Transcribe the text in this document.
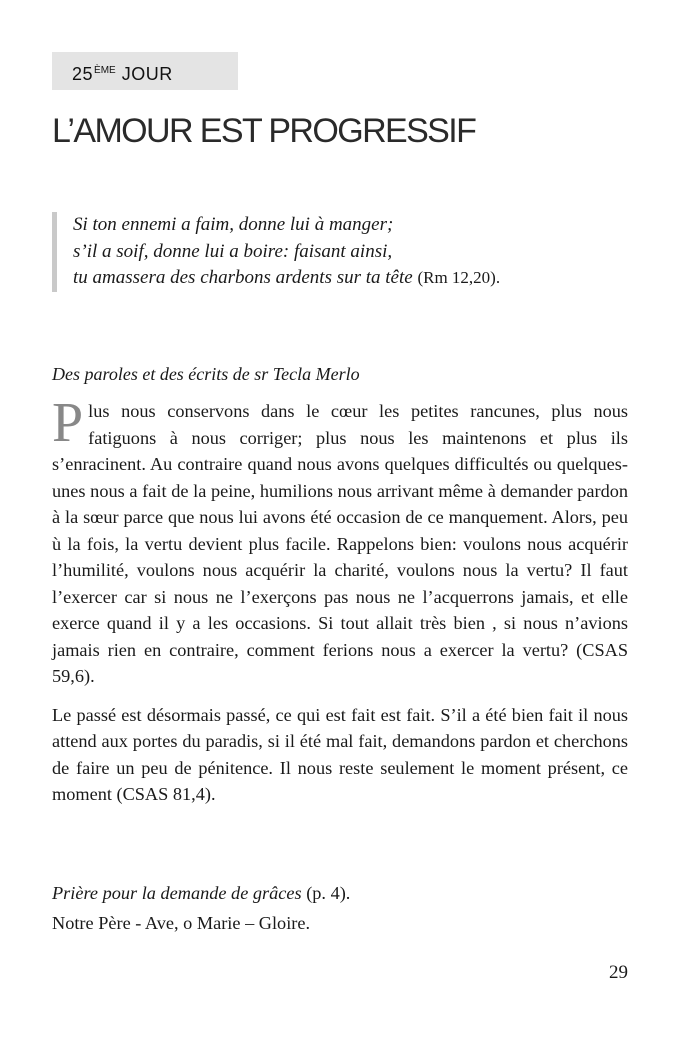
25ÈME JOUR
L’AMOUR EST PROGRESSIF
Si ton ennemi a faim, donne lui à manger;
s’il a soif, donne lui a boire: faisant ainsi,
tu amassera des charbons ardents sur ta tête (Rm 12,20).

Des paroles et des écrits de sr Tecla Merlo

Plus nous conservons dans le cœur les petites rancunes, plus nous fatiguons à nous corriger; plus nous les maintenons et plus ils s’enracinent. Au contraire quand nous avons quelques difficultés ou quelques-unes nous a fait de la peine, humilions nous arrivant même à demander pardon à la sœur parce que nous lui avons été occasion de ce manquement. Alors, peu ù la fois, la vertu devient plus facile. Rappelons bien: voulons nous acquérir l’humilité, voulons nous acquérir la charité, voulons nous la vertu? Il faut l’exercer car si nous ne l’exerçons pas nous ne l’acquerrons jamais, et elle exerce quand il y a les occasions. Si tout allait très bien , si nous n’avions jamais rien en contraire, comment ferions nous a exercer la vertu? (CSAS 59,6).

Le passé est désormais passé, ce qui est fait est fait. S’il a été bien fait il nous attend aux portes du paradis, si il été mal fait, demandons pardon et cherchons de faire un peu de pénitence. Il nous reste seulement le moment présent, ce moment (CSAS 81,4).

Prière pour la demande de grâces (p. 4).
Notre Père - Ave, o Marie – Gloire.
29
